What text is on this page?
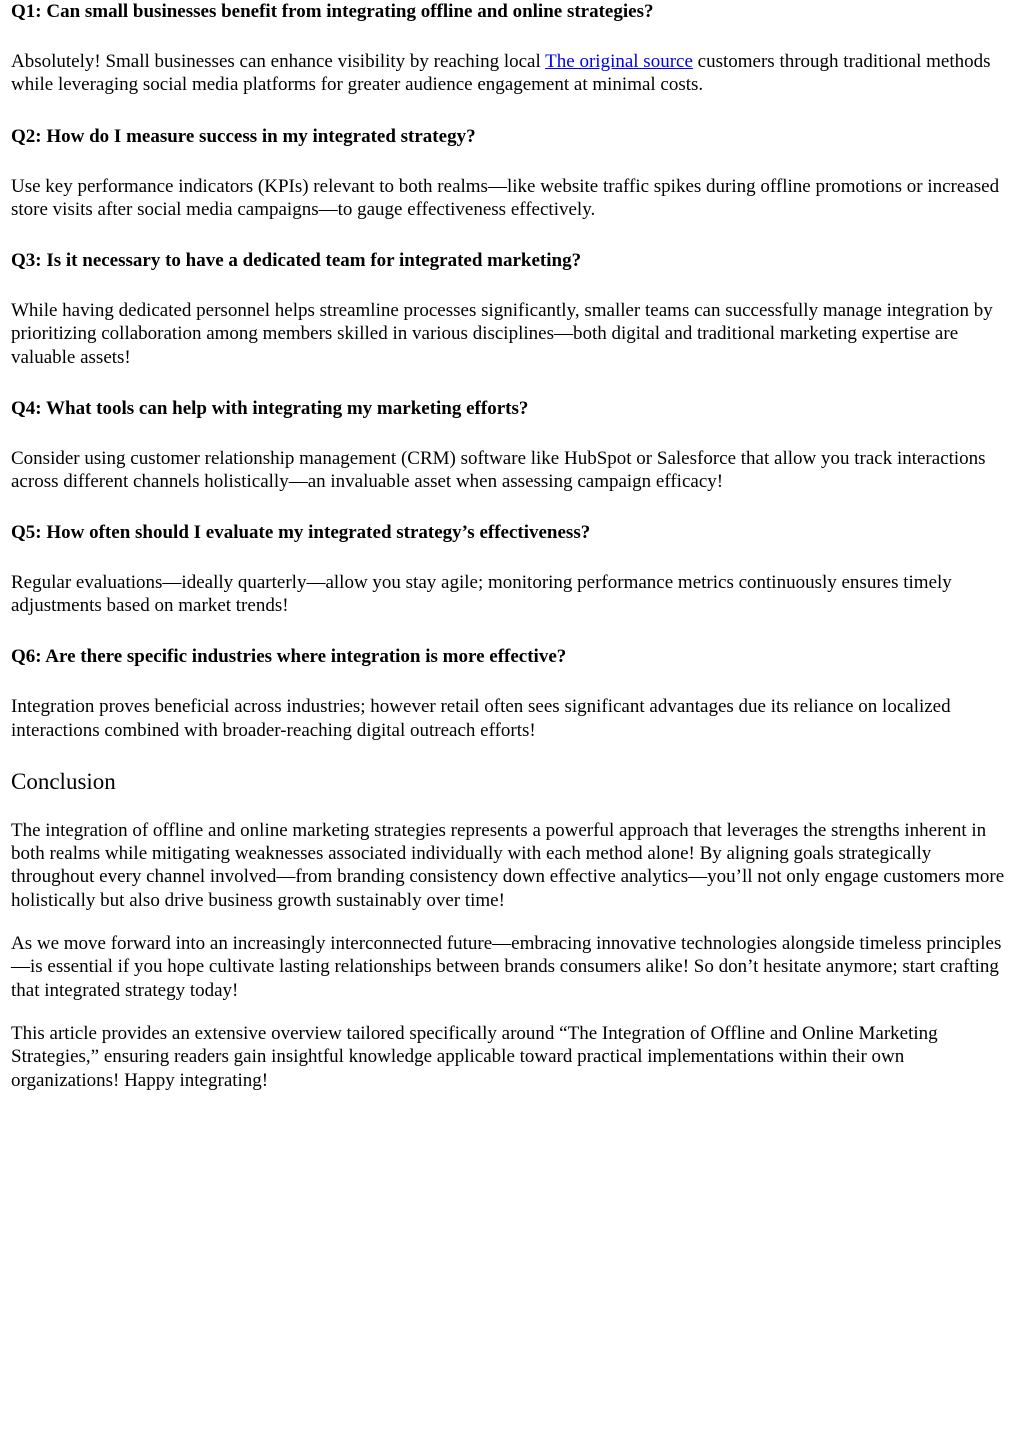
Q1: Can small businesses benefit from integrating offline and online strategies?

Absolutely! Small businesses can enhance visibility by reaching local The original source customers through traditional methods while leveraging social media platforms for greater audience engagement at minimal costs.

Q2: How do I measure success in my integrated strategy?

Use key performance indicators (KPIs) relevant to both realms—like website traffic spikes during offline promotions or increased store visits after social media campaigns—to gauge effectiveness effectively.

Q3: Is it necessary to have a dedicated team for integrated marketing?

While having dedicated personnel helps streamline processes significantly, smaller teams can successfully manage integration by prioritizing collaboration among members skilled in various disciplines—both digital and traditional marketing expertise are valuable assets!

Q4: What tools can help with integrating my marketing efforts?

Consider using customer relationship management (CRM) software like HubSpot or Salesforce that allow you track interactions across different channels holistically—an invaluable asset when assessing campaign efficacy!

Q5: How often should I evaluate my integrated strategy’s effectiveness?

Regular evaluations—ideally quarterly—allow you stay agile; monitoring performance metrics continuously ensures timely adjustments based on market trends!

Q6: Are there specific industries where integration is more effective?

Integration proves beneficial across industries; however retail often sees significant advantages due its reliance on localized interactions combined with broader-reaching digital outreach efforts!

Conclusion

The integration of offline and online marketing strategies represents a powerful approach that leverages the strengths inherent in both realms while mitigating weaknesses associated individually with each method alone! By aligning goals strategically throughout every channel involved—from branding consistency down effective analytics—you’ll not only engage customers more holistically but also drive business growth sustainably over time!

As we move forward into an increasingly interconnected future—embracing innovative technologies alongside timeless principles—is essential if you hope cultivate lasting relationships between brands consumers alike! So don’t hesitate anymore; start crafting that integrated strategy today!

This article provides an extensive overview tailored specifically around “The Integration of Offline and Online Marketing Strategies,” ensuring readers gain insightful knowledge applicable toward practical implementations within their own organizations! Happy integrating!
